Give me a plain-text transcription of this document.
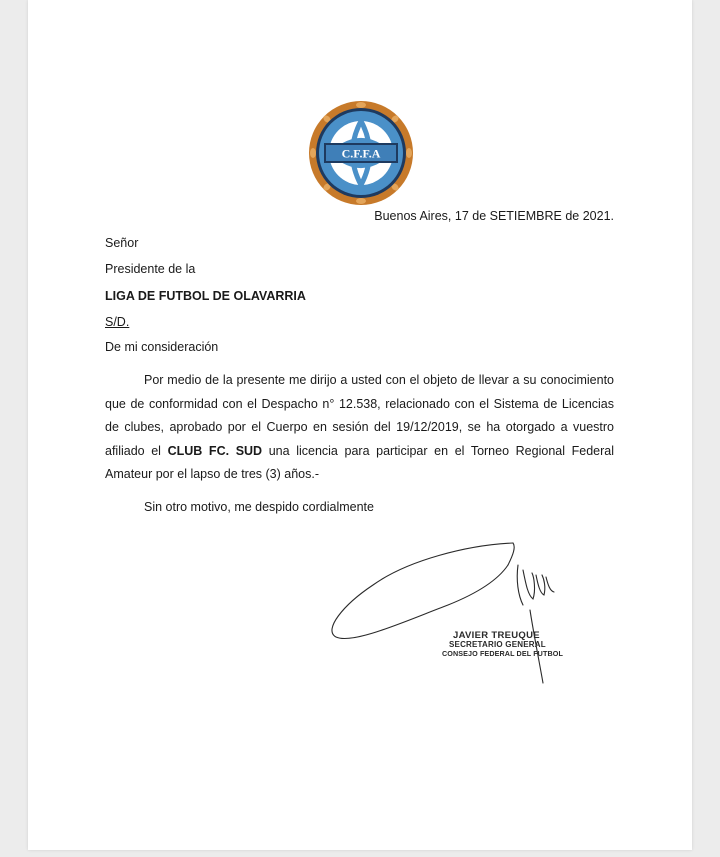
C.F.F.A
Buenos Aires, 17 de SETIEMBRE de 2021.
Señor
Presidente de la
LIGA DE FUTBOL DE OLAVARRIA
S/D.
De mi consideración
Por medio de la presente me dirijo a usted con el objeto de llevar a su conocimiento que de conformidad con el Despacho n° 12.538, relacionado con el Sistema de Licencias de clubes, aprobado por el Cuerpo en sesión del 19/12/2019, se ha otorgado a vuestro afiliado el CLUB FC. SUD una licencia para participar en el Torneo Regional Federal Amateur por el lapso de tres (3) años.-
Sin otro motivo, me despido cordialmente
JAVIER TREUQUE
SECRETARIO GENERAL
CONSEJO FEDERAL DEL FUTBOL
